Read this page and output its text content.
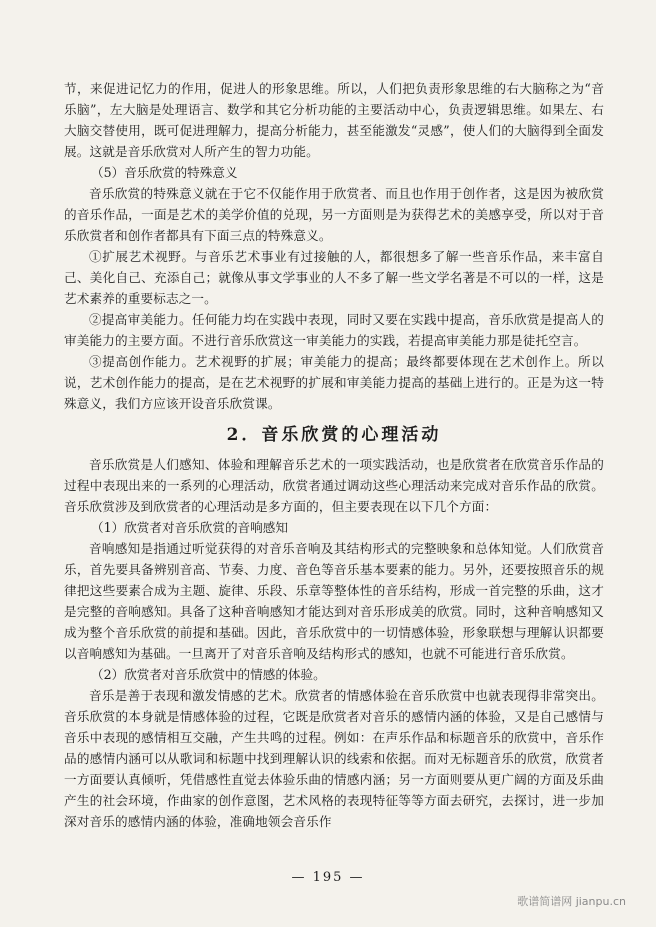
节，来促进记忆力的作用，促进人的形象思维。所以，人们把负责形象思维的右大脑称之为“音乐脑”，左大脑是处理语言、数学和其它分析功能的主要活动中心，负责逻辑思维。如果左、右大脑交替使用，既可促进理解力，提高分析能力，甚至能激发“灵感”，使人们的大脑得到全面发展。这就是音乐欣赏对人所产生的智力功能。

（5）音乐欣赏的特殊意义

音乐欣赏的特殊意义就在于它不仅能作用于欣赏者、而且也作用于创作者，这是因为被欣赏的音乐作品，一面是艺术的美学价值的兑现，另一方面则是为获得艺术的美感享受，所以对于音乐欣赏者和创作者都具有下面三点的特殊意义。

①扩展艺术视野。与音乐艺术事业有过接触的人，都很想多了解一些音乐作品，来丰富自己、美化自己、充添自己；就像从事文学事业的人不多了解一些文学名著是不可以的一样，这是艺术素养的重要标志之一。

②提高审美能力。任何能力均在实践中表现，同时又要在实践中提高，音乐欣赏是提高人的审美能力的主要方面。不进行音乐欣赏这一审美能力的实践，若提高审美能力那是徒托空言。

③提高创作能力。艺术视野的扩展；审美能力的提高；最终都要体现在艺术创作上。所以说，艺术创作能力的提高，是在艺术视野的扩展和审美能力提高的基础上进行的。正是为这一特殊意义，我们方应该开设音乐欣赏课。

2．音乐欣赏的心理活动

音乐欣赏是人们感知、体验和理解音乐艺术的一项实践活动，也是欣赏者在欣赏音乐作品的过程中表现出来的一系列的心理活动，欣赏者通过调动这些心理活动来完成对音乐作品的欣赏。音乐欣赏涉及到欣赏者的心理活动是多方面的，但主要表现在以下几个方面：

（1）欣赏者对音乐欣赏的音响感知

音响感知是指通过听觉获得的对音乐音响及其结构形式的完整映象和总体知觉。人们欣赏音乐，首先要具备辨别音高、节奏、力度、音色等音乐基本要素的能力。另外，还要按照音乐的规律把这些要素合成为主题、旋律、乐段、乐章等整体性的音乐结构，形成一首完整的乐曲，这才是完整的音响感知。具备了这种音响感知才能达到对音乐形成美的欣赏。同时，这种音响感知又成为整个音乐欣赏的前提和基础。因此，音乐欣赏中的一切情感体验，形象联想与理解认识都要以音响感知为基础。一旦离开了对音乐音响及结构形式的感知，也就不可能进行音乐欣赏。

（2）欣赏者对音乐欣赏中的情感的体验。

音乐是善于表现和激发情感的艺术。欣赏者的情感体验在音乐欣赏中也就表现得非常突出。音乐欣赏的本身就是情感体验的过程，它既是欣赏者对音乐的感情内涵的体验，又是自己感情与音乐中表现的感情相互交融，产生共鸣的过程。例如：在声乐作品和标题音乐的欣赏中，音乐作品的感情内涵可以从歌词和标题中找到理解认识的线索和依据。而对无标题音乐的欣赏，欣赏者一方面要认真倾听，凭借感性直觉去体验乐曲的情感内涵；另一方面则要从更广阔的方面及乐曲产生的社会环境，作曲家的创作意图，艺术风格的表现特征等等方面去研究，去探讨，进一步加深对音乐的感情内涵的体验，准确地领会音乐作

— 195 —
歌谱简谱网 jianpu.cn
